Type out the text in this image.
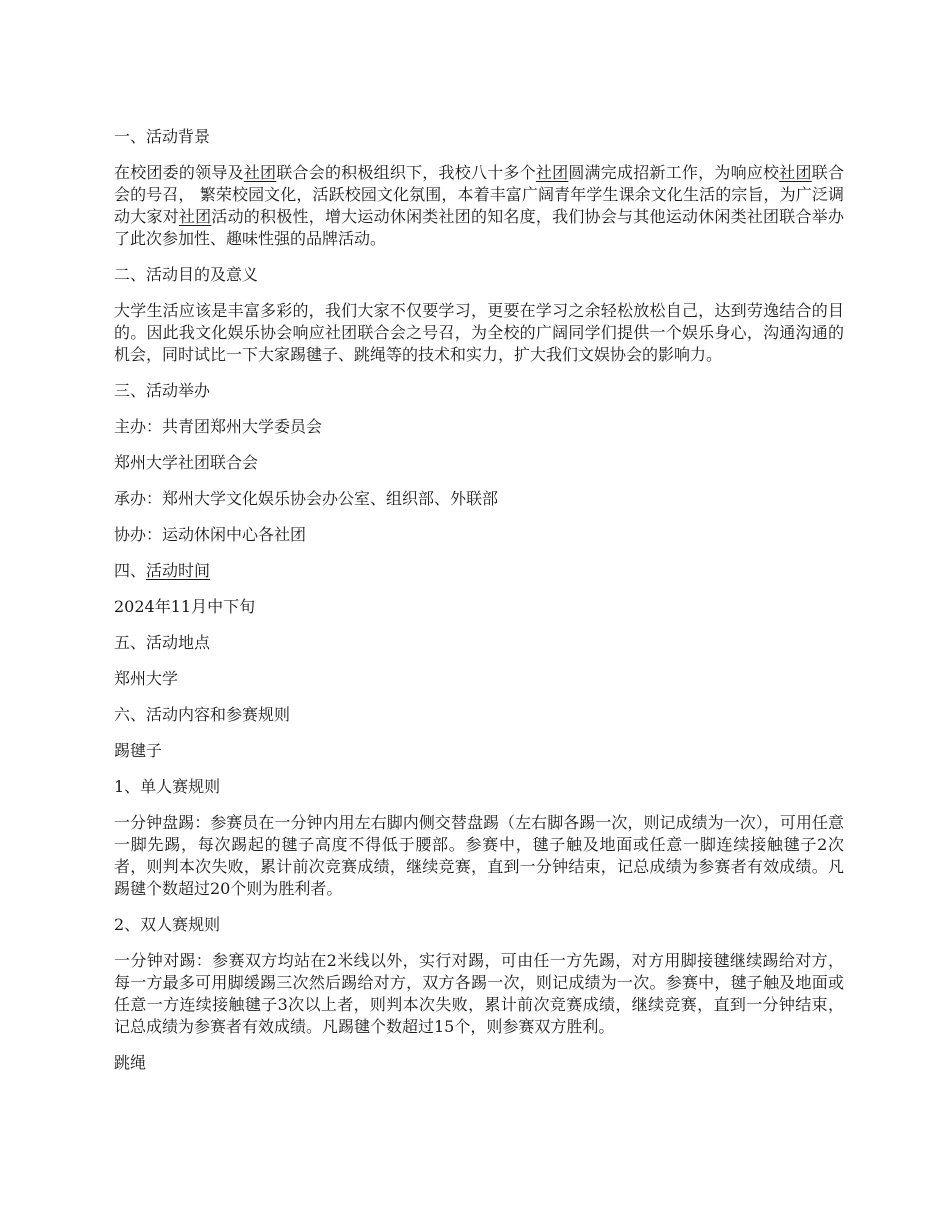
一、活动背景

在校团委的领导及社团联合会的积极组织下，我校八十多个社团圆满完成招新工作，为响应校社团联合会的号召， 繁荣校园文化，活跃校园文化氛围，本着丰富广阔青年学生课余文化生活的宗旨，为广泛调动大家对社团活动的积极性，增大运动休闲类社团的知名度，我们协会与其他运动休闲类社团联合举办了此次参加性、趣味性强的品牌活动。

二、活动目的及意义

大学生活应该是丰富多彩的，我们大家不仅要学习，更要在学习之余轻松放松自己，达到劳逸结合的目的。因此我文化娱乐协会响应社团联合会之号召，为全校的广阔同学们提供一个娱乐身心，沟通沟通的机会，同时试比一下大家踢毽子、跳绳等的技术和实力，扩大我们文娱协会的影响力。

三、活动举办

主办：共青团郑州大学委员会

郑州大学社团联合会

承办：郑州大学文化娱乐协会办公室、组织部、外联部

协办：运动休闲中心各社团

四、活动时间

2024年11月中下旬

五、活动地点

郑州大学

六、活动内容和参赛规则

踢毽子

1、单人赛规则

一分钟盘踢：参赛员在一分钟内用左右脚内侧交替盘踢（左右脚各踢一次，则记成绩为一次），可用任意一脚先踢，每次踢起的毽子高度不得低于腰部。参赛中，毽子触及地面或任意一脚连续接触毽子2次者，则判本次失败，累计前次竞赛成绩，继续竞赛，直到一分钟结束，记总成绩为参赛者有效成绩。凡踢毽个数超过20个则为胜利者。

2、双人赛规则

一分钟对踢：参赛双方均站在2米线以外，实行对踢，可由任一方先踢，对方用脚接毽继续踢给对方，每一方最多可用脚缓踢三次然后踢给对方，双方各踢一次，则记成绩为一次。参赛中，毽子触及地面或任意一方连续接触毽子3次以上者，则判本次失败，累计前次竞赛成绩，继续竞赛，直到一分钟结束，记总成绩为参赛者有效成绩。凡踢毽个数超过15个，则参赛双方胜利。

跳绳
